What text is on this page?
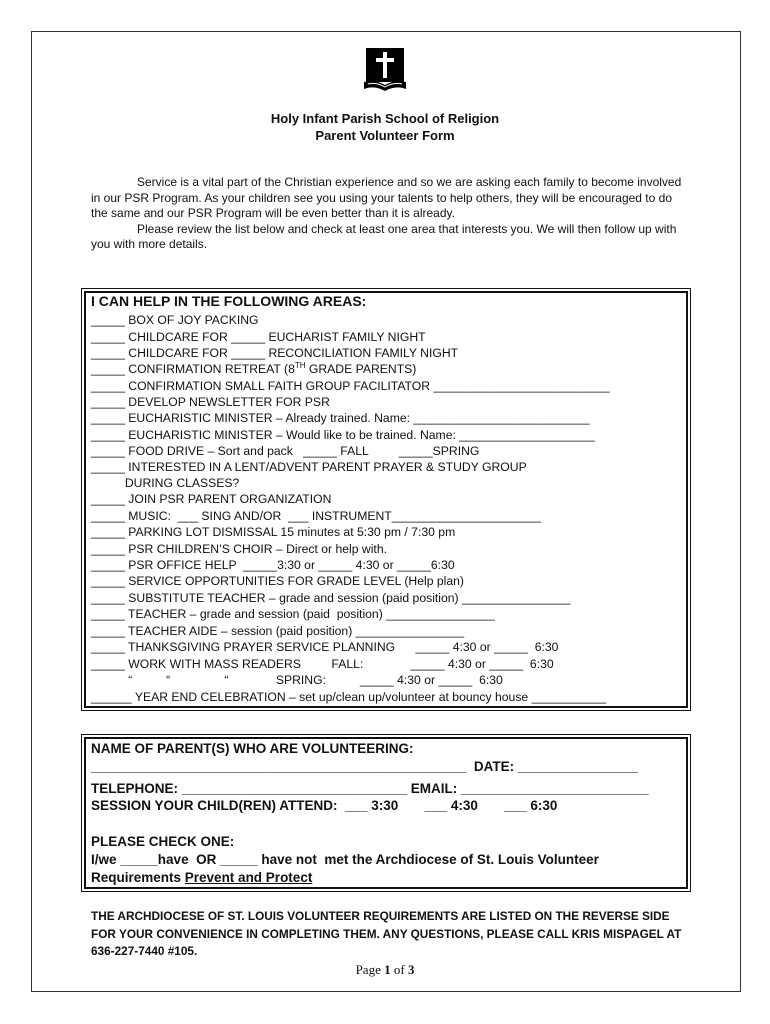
Holy Infant Parish School of Religion
Parent Volunteer Form

Service is a vital part of the Christian experience and so we are asking each family to become involved in our PSR Program. As your children see you using your talents to help others, they will be encouraged to do the same and our PSR Program will be even better than it is already.

Please review the list below and check at least one area that interests you. We will then follow up with you with more details.

I CAN HELP IN THE FOLLOWING AREAS:
_____ BOX OF JOY PACKING
_____ CHILDCARE FOR _____ EUCHARIST FAMILY NIGHT
_____ CHILDCARE FOR _____ RECONCILIATION FAMILY NIGHT
_____ CONFIRMATION RETREAT (8TH GRADE PARENTS)
_____ CONFIRMATION SMALL FAITH GROUP FACILITATOR __________________________
_____ DEVELOP NEWSLETTER FOR PSR
_____ EUCHARISTIC MINISTER – Already trained. Name: __________________________
_____ EUCHARISTIC MINISTER – Would like to be trained. Name: ____________________
_____ FOOD DRIVE – Sort and pack   _____ FALL         _____SPRING
_____ INTERESTED IN A LENT/ADVENT PARENT PRAYER & STUDY GROUP
DURING CLASSES?
_____ JOIN PSR PARENT ORGANIZATION
_____ MUSIC:  ___ SING AND/OR  ___ INSTRUMENT______________________
_____ PARKING LOT DISMISSAL 15 minutes at 5:30 pm / 7:30 pm
_____ PSR CHILDREN’S CHOIR – Direct or help with.
_____ PSR OFFICE HELP  _____3:30 or _____ 4:30 or _____6:30
_____ SERVICE OPPORTUNITIES FOR GRADE LEVEL (Help plan)
_____ SUBSTITUTE TEACHER – grade and session (paid position) ________________
_____ TEACHER – grade and session (paid  position) ________________
_____ TEACHER AIDE – session (paid position) ________________
_____ THANKSGIVING PRAYER SERVICE PLANNING      _____ 4:30 or _____  6:30
_____ WORK WITH MASS READERS         FALL:              _____ 4:30 or _____  6:30
“          “                “              SPRING:          _____ 4:30 or _____  6:30
______ YEAR END CELEBRATION – set up/clean up/volunteer at bouncy house ___________
NAME OF PARENT(S) WHO ARE VOLUNTEERING:
__________________________________________________  DATE: ________________
TELEPHONE: ______________________________ EMAIL: _________________________
SESSION YOUR CHILD(REN) ATTEND:  ___ 3:30       ___ 4:30       ___ 6:30
PLEASE CHECK ONE:
I/we _____have  OR _____ have not  met the Archdiocese of St. Louis Volunteer
Requirements Prevent and Protect
THE ARCHDIOCESE OF ST. LOUIS VOLUNTEER REQUIREMENTS ARE LISTED ON THE REVERSE SIDE FOR YOUR CONVENIENCE IN COMPLETING THEM. ANY QUESTIONS, PLEASE CALL KRIS MISPAGEL AT 636-227-7440 #105.
Page 1 of 3
